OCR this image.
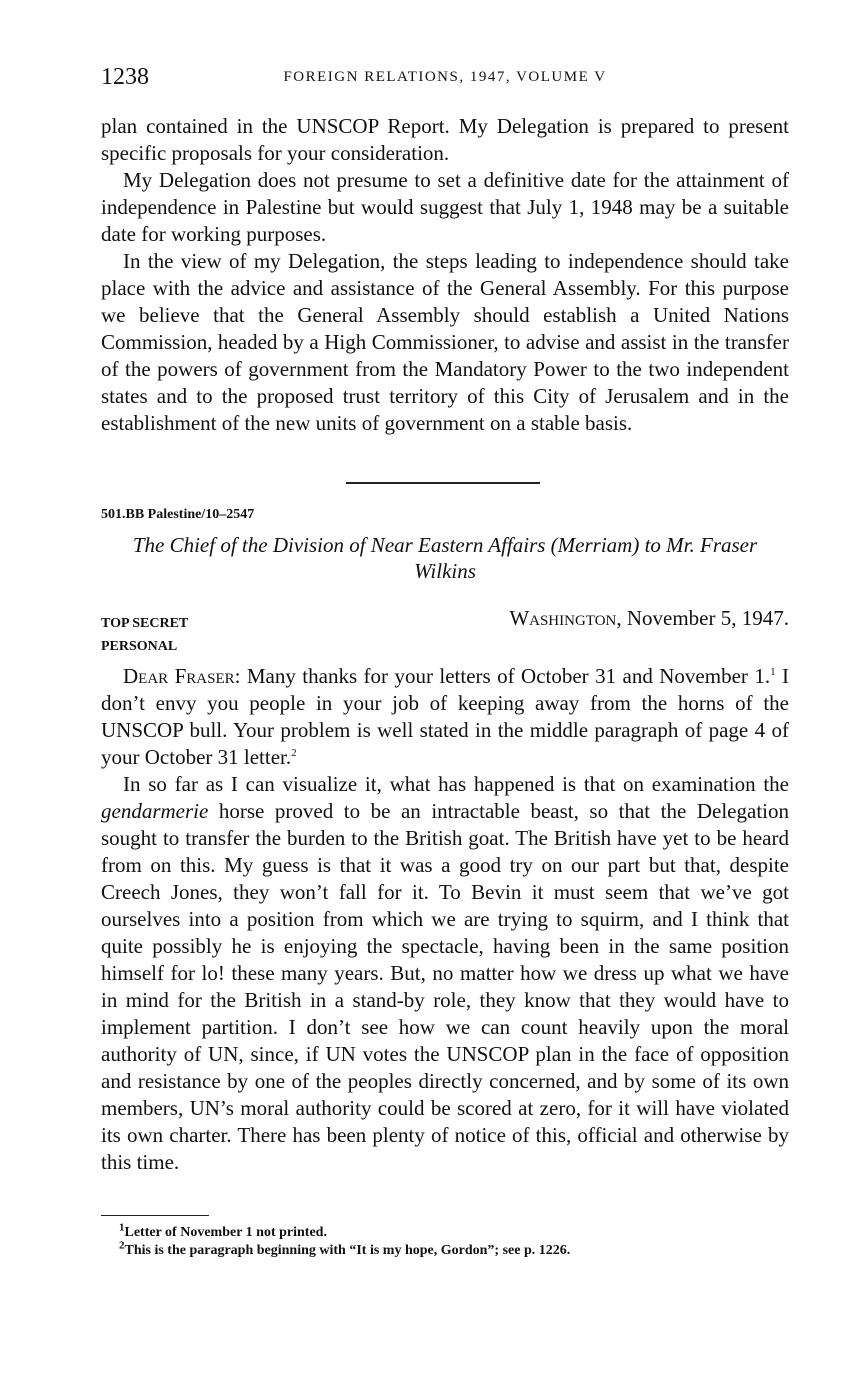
1238	FOREIGN RELATIONS, 1947, VOLUME V

plan contained in the UNSCOP Report. My Delegation is prepared to present specific proposals for your consideration.

My Delegation does not presume to set a definitive date for the attainment of independence in Palestine but would suggest that July 1, 1948 may be a suitable date for working purposes.

In the view of my Delegation, the steps leading to independence should take place with the advice and assistance of the General Assembly. For this purpose we believe that the General Assembly should establish a United Nations Commission, headed by a High Commissioner, to advise and assist in the transfer of the powers of government from the Mandatory Power to the two independent states and to the proposed trust territory of this City of Jerusalem and in the establishment of the new units of government on a stable basis.

501.BB Palestine/10–2547
The Chief of the Division of Near Eastern Affairs (Merriam) to Mr. Fraser Wilkins
TOP SECRET
PERSONAL
Washington, November 5, 1947.

Dear Fraser: Many thanks for your letters of October 31 and November 1.$^1$ I don’t envy you people in your job of keeping away from the horns of the UNSCOP bull. Your problem is well stated in the middle paragraph of page 4 of your October 31 letter.$^2$

In so far as I can visualize it, what has happened is that on examination the gendarmerie horse proved to be an intractable beast, so that the Delegation sought to transfer the burden to the British goat. The British have yet to be heard from on this. My guess is that it was a good try on our part but that, despite Creech Jones, they won’t fall for it. To Bevin it must seem that we’ve got ourselves into a position from which we are trying to squirm, and I think that quite possibly he is enjoying the spectacle, having been in the same position himself for lo! these many years. But, no matter how we dress up what we have in mind for the British in a stand-by role, they know that they would have to implement partition. I don’t see how we can count heavily upon the moral authority of UN, since, if UN votes the UNSCOP plan in the face of opposition and resistance by one of the peoples directly concerned, and by some of its own members, UN’s moral authority could be scored at zero, for it will have violated its own charter. There has been plenty of notice of this, official and otherwise by this time.

$^1$Letter of November 1 not printed.

$^2$This is the paragraph beginning with “It is my hope, Gordon”; see p. 1226.
